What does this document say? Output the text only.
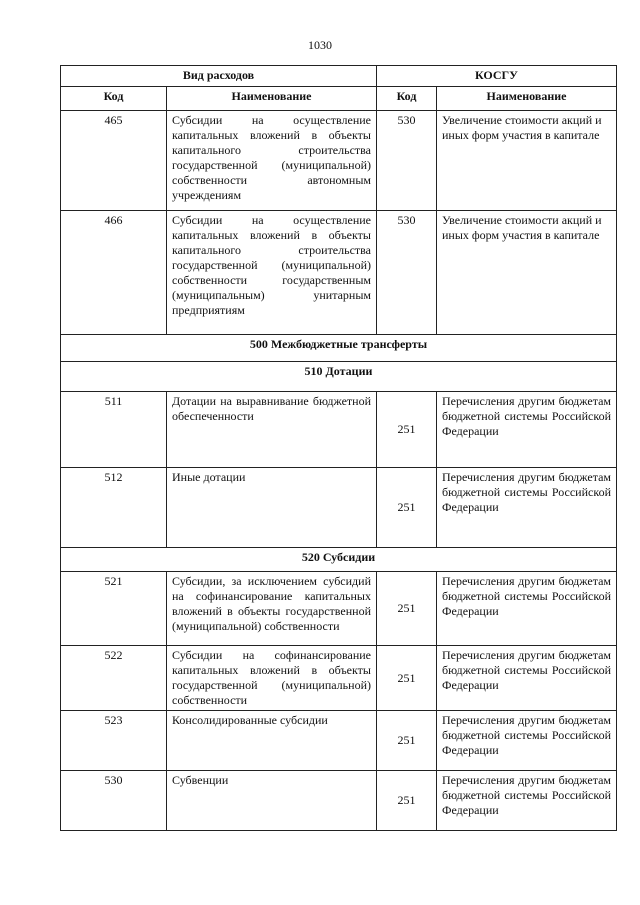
1030
Вид расходов		КОСГУ	
Код	Наименование	Код	Наименование
465	Субсидии на осуществление капитальных вложений в объекты капитального строительства государственной (муниципальной) собственности автономным учреждениям	530	Увеличение стоимости акций и иных форм участия в капитале
466	Субсидии на осуществление капитальных вложений в объекты капитального строительства государственной (муниципальной) собственности государственным (муниципальным) унитарным предприятиям	530	Увеличение стоимости акций и иных форм участия в капитале
500 Межбюджетные трансферты			
510 Дотации			
511	Дотации на выравнивание бюджетной обеспеченности	251	Перечисления другим бюджетам бюджетной системы Российской Федерации
512	Иные дотации	251	Перечисления другим бюджетам бюджетной системы Российской Федерации
520 Субсидии			
521	Субсидии, за исключением субсидий на софинансирование капитальных вложений в объекты государственной (муниципальной) собственности	251	Перечисления другим бюджетам бюджетной системы Российской Федерации
522	Субсидии на софинансирование капитальных вложений в объекты государственной (муниципальной) собственности	251	Перечисления другим бюджетам бюджетной системы Российской Федерации
523	Консолидированные субсидии	251	Перечисления другим бюджетам бюджетной системы Российской Федерации
530	Субвенции	251	Перечисления другим бюджетам бюджетной системы Российской Федерации
